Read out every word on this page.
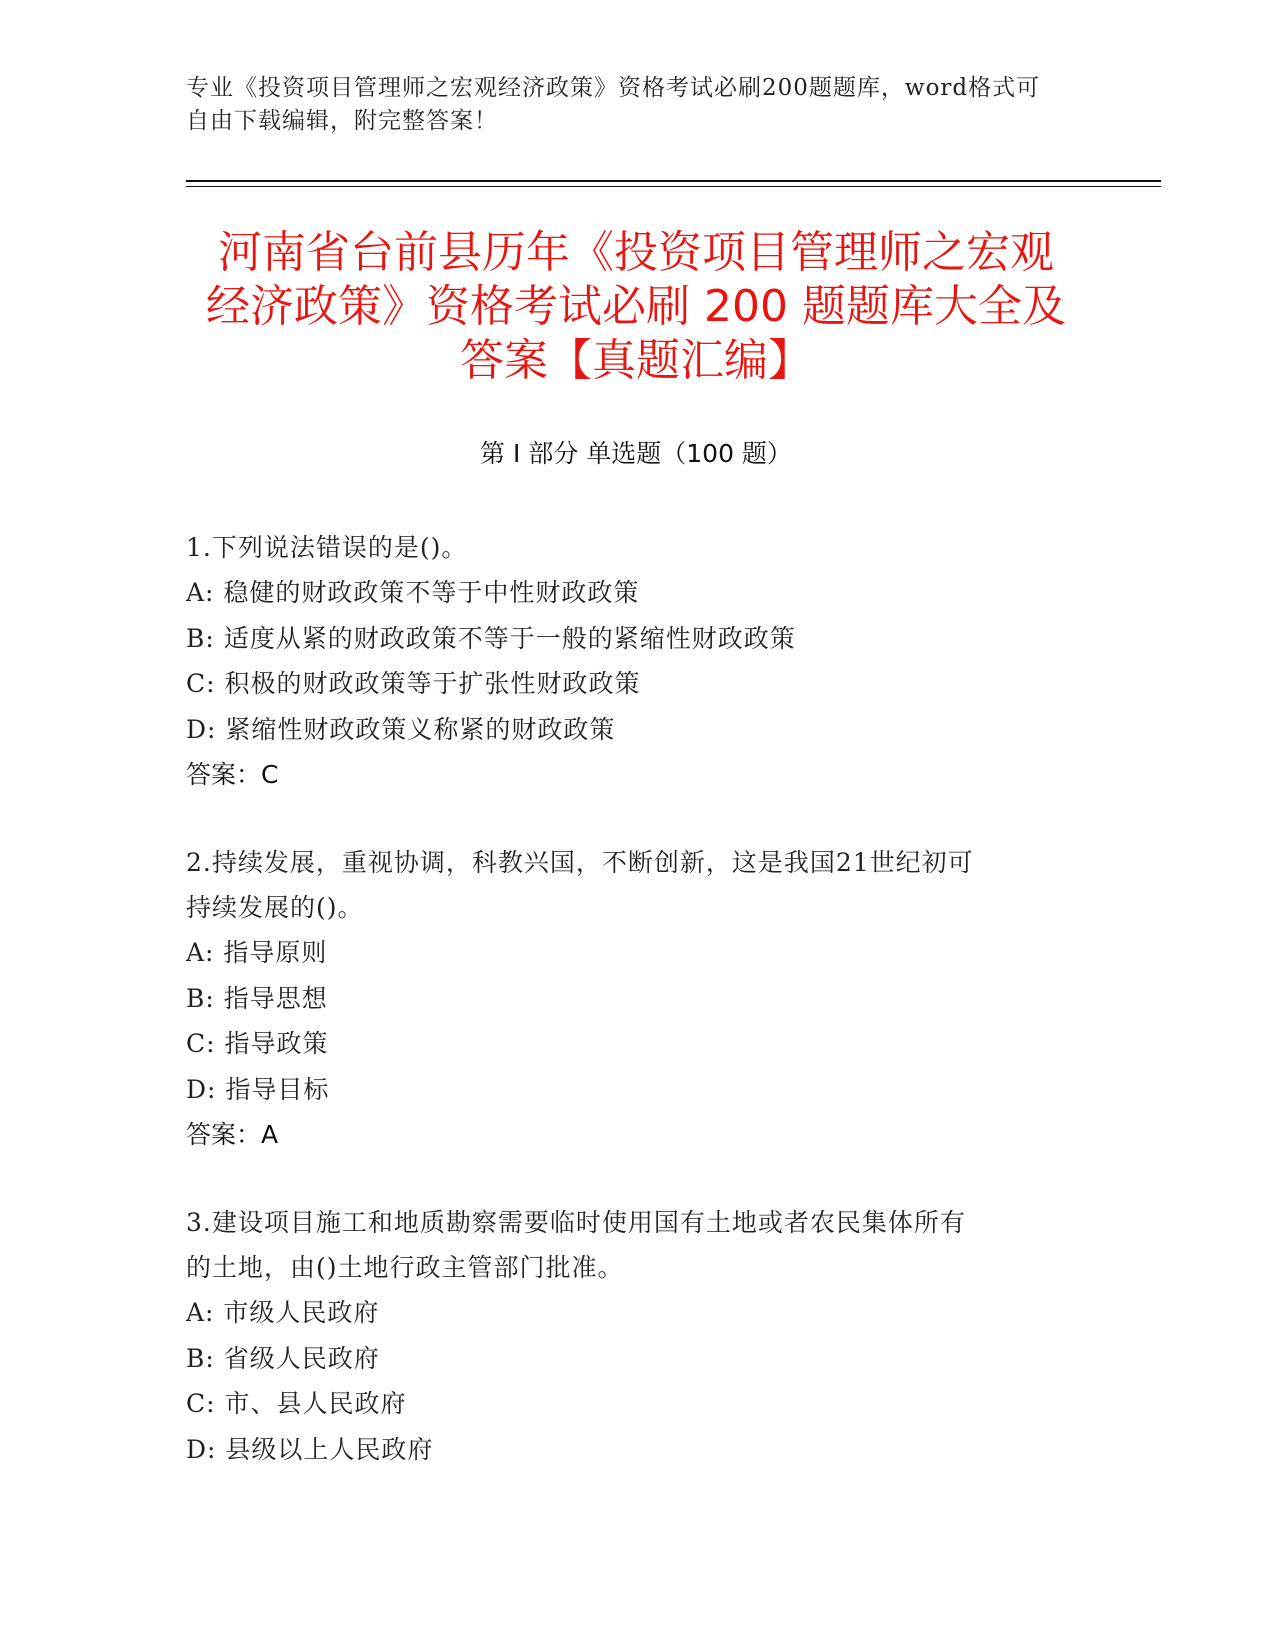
专业《投资项目管理师之宏观经济政策》资格考试必刷200题题库，word格式可
自由下载编辑，附完整答案！
河南省台前县历年《投资项目管理师之宏观
经济政策》资格考试必刷 200 题题库大全及
答案【真题汇编】
第 I 部分 单选题（100 题）
1.下列说法错误的是()。
A: 稳健的财政政策不等于中性财政政策
B: 适度从紧的财政政策不等于一般的紧缩性财政政策
C: 积极的财政政策等于扩张性财政政策
D: 紧缩性财政政策义称紧的财政政策
答案：C
2.持续发展，重视协调，科教兴国，不断创新，这是我国21世纪初可
持续发展的()。
A: 指导原则
B: 指导思想
C: 指导政策
D: 指导目标
答案：A
3.建设项目施工和地质勘察需要临时使用国有土地或者农民集体所有
的土地，由()土地行政主管部门批准。
A: 市级人民政府
B: 省级人民政府
C: 市、县人民政府
D: 县级以上人民政府
